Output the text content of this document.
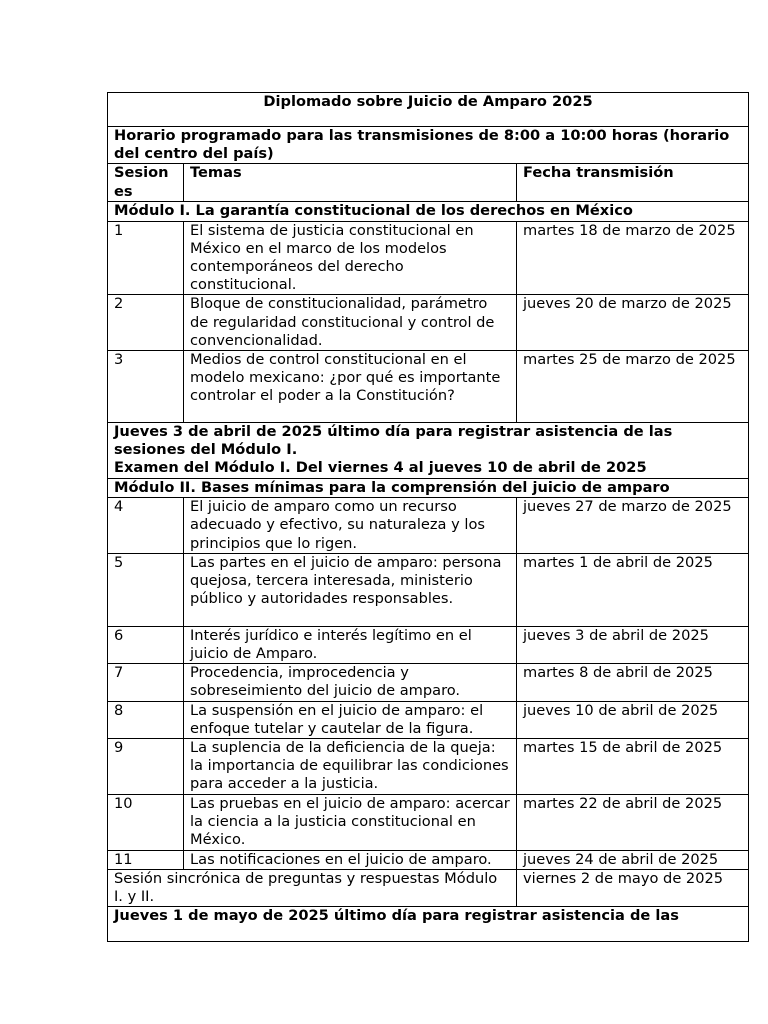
Diplomado sobre Juicio de Amparo 2025		
Horario programado para las transmisiones de 8:00 a 10:00 horas (horario del centro del país)		
Sesion es	Temas	Fecha transmisión
Módulo I. La garantía constitucional de los derechos en México		
1	El sistema de justicia constitucional en México en el marco de los modelos contemporáneos del derecho constitucional.	martes 18 de marzo de 2025
2	Bloque de constitucionalidad, parámetro de regularidad constitucional y control de convencionalidad.	jueves 20 de marzo de 2025
3	Medios de control constitucional en el modelo mexicano: ¿por qué es importante controlar el poder a la Constitución?	martes 25 de marzo de 2025

Jueves 3 de abril de 2025 último día para registrar asistencia de las sesiones del Módulo I.
Examen del Módulo I. Del viernes 4 al jueves 10 de abril de 2025		

Módulo II. Bases mínimas para la comprensión del juicio de amparo		
4	El juicio de amparo como un recurso adecuado y efectivo, su naturaleza y los principios que lo rigen.	jueves 27 de marzo de 2025
5	Las partes en el juicio de amparo: persona quejosa, tercera interesada, ministerio público y autoridades responsables.	martes 1 de abril de 2025
6	Interés jurídico e interés legítimo en el juicio de Amparo.	jueves 3 de abril de 2025
7	Procedencia, improcedencia y sobreseimiento del juicio de amparo.	martes 8 de abril de 2025
8	La suspensión en el juicio de amparo: el enfoque tutelar y cautelar de la figura.	jueves 10 de abril de 2025
9	La suplencia de la deficiencia de la queja: la importancia de equilibrar las condiciones para acceder a la justicia.	martes 15 de abril de 2025
10	Las pruebas en el juicio de amparo: acercar la ciencia a la justicia constitucional en México.	martes 22 de abril de 2025
11	Las notificaciones en el juicio de amparo.	jueves 24 de abril de 2025
Sesión sincrónica de preguntas y respuestas Módulo I. y II.		viernes 2 de mayo de 2025
Jueves 1 de mayo de 2025 último día para registrar asistencia de las		
